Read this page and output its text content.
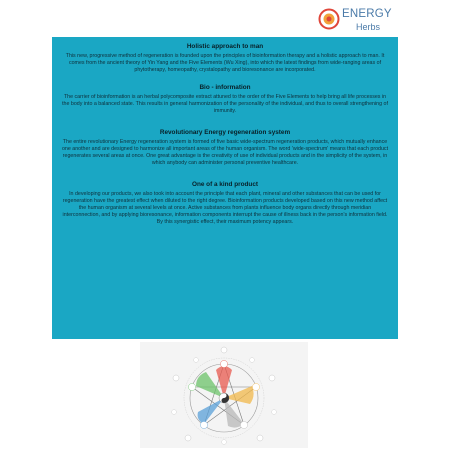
ENERGY
Herbs
Holistic approach to man

This new, progressive method of regeneration is founded upon the principles of bioinformation therapy and a holistic approach to man. It comes from the ancient theory of Yin Yang and the Five Elements (Wu Xing), into which the latest findings from wide-ranging areas of phytotherapy, homeopathy, crystalopathy and bioresonance are incorporated.

Bio - information

The carrier of bioinformation is an herbal polycomposite extract attuned to the order of the Five Elements to help bring all life processes in the body into a balanced state. This results in general harmonization of the personality of the individual, and thus to overall strengthening of immunity.

Revolutionary Energy regeneration system

The entire revolutionary Energy regeneration system is formed of five basic wide-spectrum regeneration products, which mutually enhance one another and are designed to harmonize all important areas of the human organism. The word 'wide-spectrum' means that each product regenerates several areas at once. One great advantage is the creativity of use of individual products and in the simplicity of the system, in which anybody can administer personal preventive healthcare.

One of a kind product

In developing our products, we also took into account the principle that each plant, mineral and other substances that can be used for regeneration have the greatest effect when diluted to the right degree. Bioinformation products developed based on this new method affect the human organism at several levels at once. Active substances from plants influence body organs directly through meridian interconnection, and by applying bioresonance, information components interrupt the cause of illness back in the person's information field. By this synergistic effect, their maximum potency appears.
